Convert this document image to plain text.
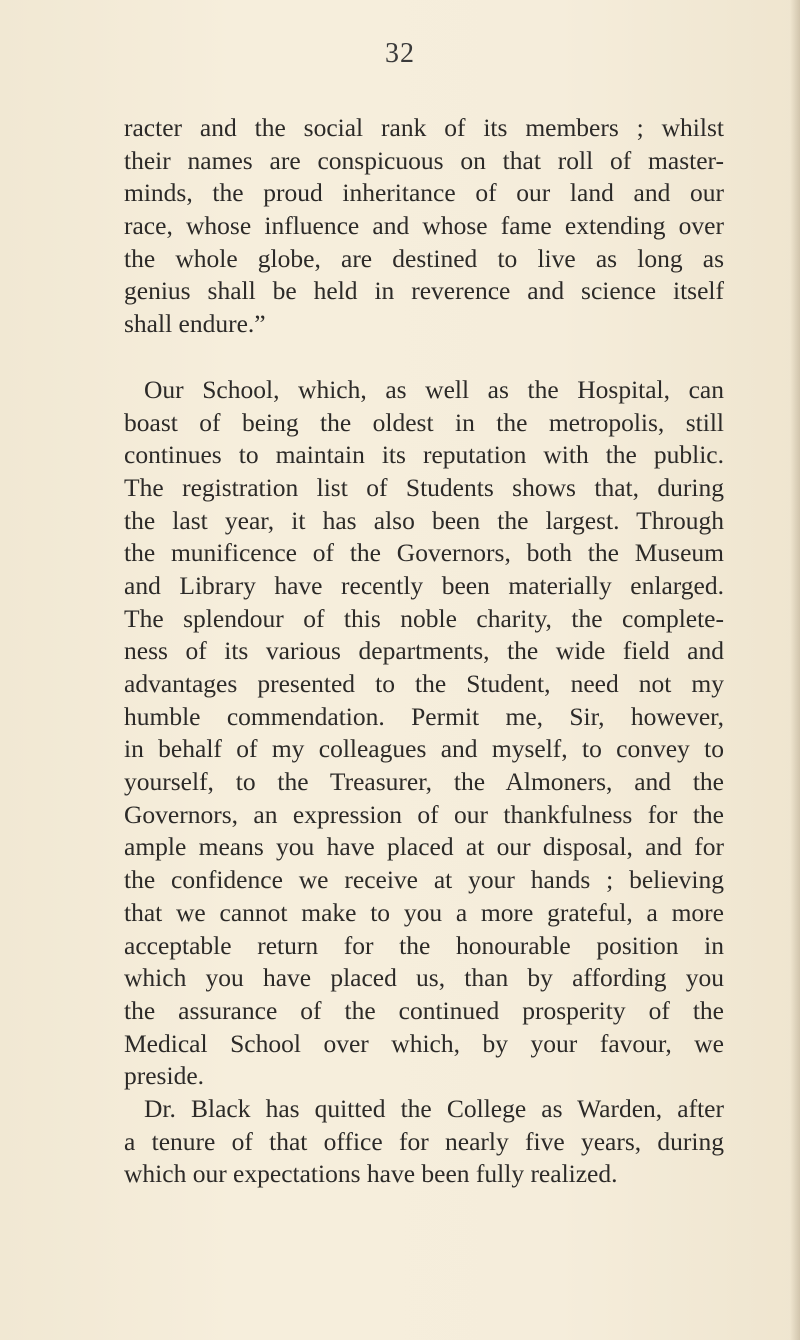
32
racter and the social rank of its members ; whilst
their names are conspicuous on that roll of master-
minds, the proud inheritance of our land and our
race, whose influence and whose fame extending over
the whole globe, are destined to live as long as
genius shall be held in reverence and science itself
shall endure.”
Our School, which, as well as the Hospital, can
boast of being the oldest in the metropolis, still
continues to maintain its reputation with the public.
The registration list of Students shows that, during
the last year, it has also been the largest. Through
the munificence of the Governors, both the Museum
and Library have recently been materially enlarged.
The splendour of this noble charity, the complete-
ness of its various departments, the wide field and
advantages presented to the Student, need not my
humble commendation. Permit me, Sir, however,
in behalf of my colleagues and myself, to convey to
yourself, to the Treasurer, the Almoners, and the
Governors, an expression of our thankfulness for the
ample means you have placed at our disposal, and for
the confidence we receive at your hands ; believing
that we cannot make to you a more grateful, a more
acceptable return for the honourable position in
which you have placed us, than by affording you
the assurance of the continued prosperity of the
Medical School over which, by your favour, we
preside.
Dr. Black has quitted the College as Warden, after
a tenure of that office for nearly five years, during
which our expectations have been fully realized.
